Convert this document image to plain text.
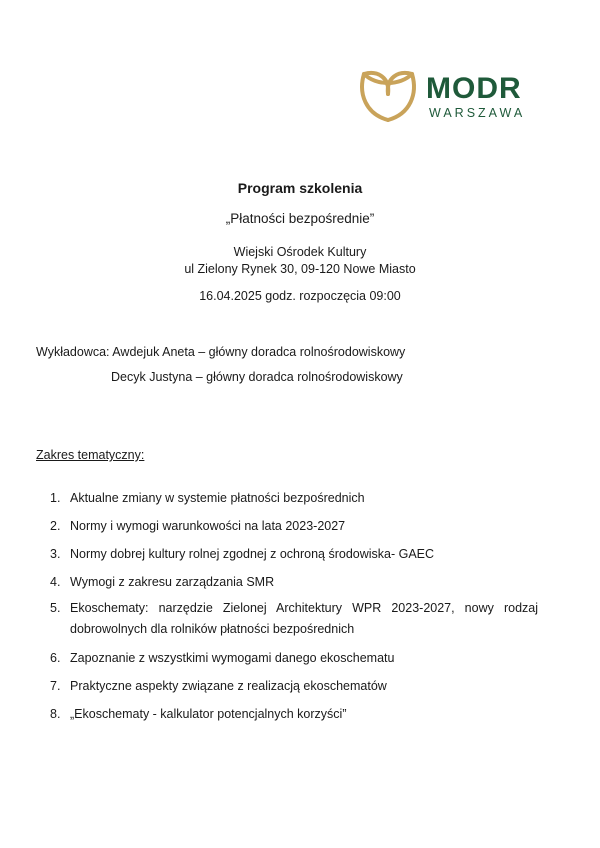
MODR
WARSZAWA
Program szkolenia
„Płatności bezpośrednie”
Wiejski Ośrodek Kultury
ul Zielony Rynek 30, 09-120 Nowe Miasto
16.04.2025 godz. rozpoczęcia 09:00
Wykładowca: Awdejuk Aneta – główny doradca rolnośrodowiskowy
Decyk Justyna – główny doradca rolnośrodowiskowy
Zakres tematyczny:
1. Aktualne zmiany w systemie płatności bezpośrednich
2. Normy i wymogi warunkowości na lata 2023-2027
3. Normy dobrej kultury rolnej zgodnej z ochroną środowiska- GAEC
4. Wymogi z zakresu zarządzania SMR
5. Ekoschematy: narzędzie Zielonej Architektury WPR 2023-2027, nowy rodzaj dobrowolnych dla rolników płatności bezpośrednich
6. Zapoznanie z wszystkimi wymogami danego ekoschematu
7. Praktyczne aspekty związane z realizacją ekoschematów
8. „Ekoschematy - kalkulator potencjalnych korzyści”
